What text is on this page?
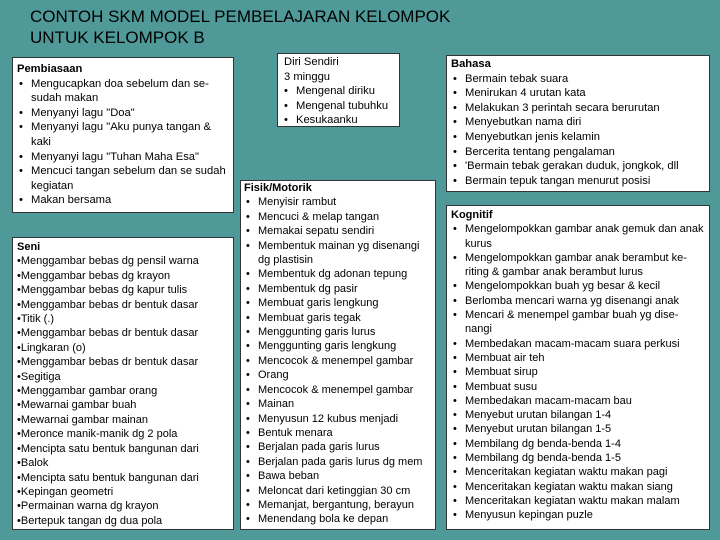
CONTOH SKM MODEL PEMBELAJARAN KELOMPOK
UNTUK KELOMPOK B
Pembiasaan
• Mengucapkan doa sebelum dan se-sudah makan
• Menyanyi lagu "Doa"
• Menyanyi lagu "Aku punya tangan & kaki
• Menyanyi lagu "Tuhan Maha Esa"
• Mencuci tangan sebelum dan se sudah kegiatan
• Makan bersama
Seni
• Menggambar bebas dg pensil warna
• Menggambar bebas dg krayon
• Menggambar bebas dg kapur tulis
• Menggambar bebas dr bentuk dasar
• Titik (.)
• Menggambar bebas dr bentuk dasar
• Lingkaran (o)
• Menggambar bebas dr bentuk dasar
• Segitiga
• Menggambar gambar orang
• Mewarnai gambar buah
• Mewarnai gambar mainan
• Meronce manik-manik dg 2 pola
• Mencipta satu bentuk bangunan dari
• Balok
• Mencipta satu bentuk bangunan dari
• Kepingan geometri
• Permainan warna dg krayon
• Bertepuk tangan dg dua pola
Diri Sendiri
3 minggu
• Mengenal diriku
• Mengenal tubuhku
• Kesukaanku
Fisik/Motorik
• Menyisir rambut
• Mencuci & melap tangan
• Memakai sepatu sendiri
• Membentuk mainan yg disenangi dg plastisin
• Membentuk dg adonan tepung
• Membentuk dg pasir
• Membuat garis lengkung
• Membuat garis tegak
• Menggunting garis lurus
• Menggunting garis lengkung
• Mencocok & menempel gambar
• Orang
• Mencocok & menempel gambar
• Mainan
• Menyusun 12 kubus menjadi
• Bentuk menara
• Berjalan pada garis lurus
• Berjalan pada garis lurus dg mem
• Bawa beban
• Meloncat dari ketinggian 30 cm
• Memanjat, bergantung, berayun
• Menendang bola ke depan
Bahasa
• Bermain tebak suara
• Menirukan 4 urutan kata
• Melakukan 3 perintah secara berurutan
• Menyebutkan nama diri
• Menyebutkan jenis kelamin
• Bercerita tentang pengalaman
• 'Bermain tebak gerakan duduk, jongkok, dll
• Bermain tepuk tangan menurut posisi
Kognitif
• Mengelompokkan gambar anak gemuk dan anak kurus
• Mengelompokkan gambar anak berambut ke-riting & gambar anak berambut lurus
• Mengelompokkan buah yg besar & kecil
• Berlomba mencari warna yg disenangi anak
• Mencari & menempel gambar buah yg dise-nangi
• Membedakan macam-macam suara perkusi
• Membuat air teh
• Membuat sirup
• Membuat susu
• Membedakan macam-macam bau
• Menyebut urutan bilangan 1-4
• Menyebut urutan bilangan 1-5
• Membilang dg benda-benda 1-4
• Membilang dg benda-benda 1-5
• Menceritakan kegiatan waktu makan pagi
• Menceritakan kegiatan waktu makan siang
• Menceritakan kegiatan waktu makan malam
• Menyusun kepingan puzle
